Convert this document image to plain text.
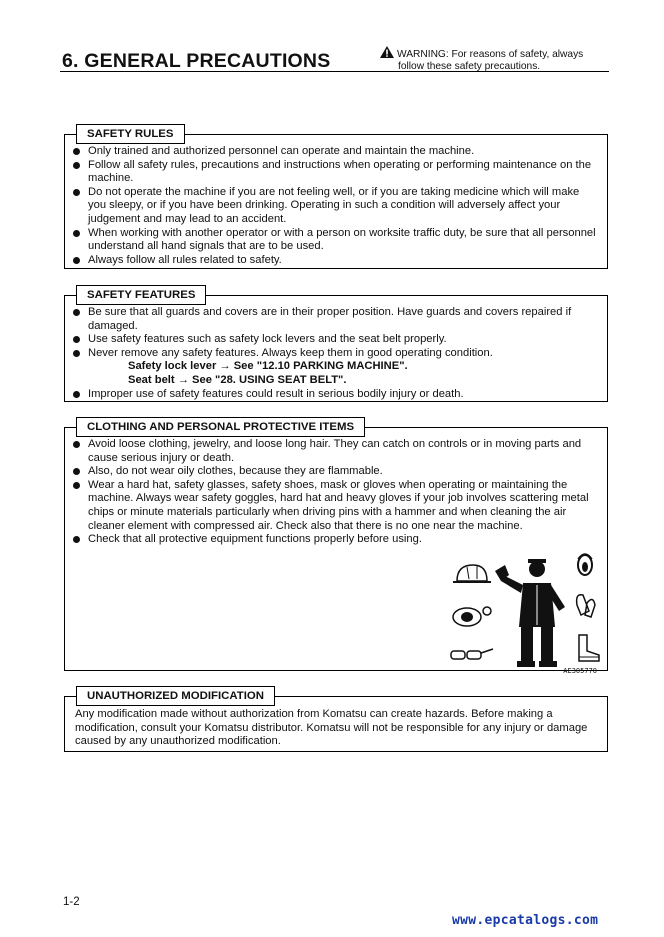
6. GENERAL PRECAUTIONS	WARNING: For reasons of safety, always
follow these safety precautions.
SAFETY RULES
Only trained and authorized personnel can operate and maintain the machine.
Follow all safety rules, precautions and instructions when operating or performing maintenance on the machine.
Do not operate the machine if you are not feeling well, or if you are taking medicine which will make you sleepy, or if you have been drinking. Operating in such a condition will adversely affect your judgement and may lead to an accident.
When working with another operator or with a person on worksite traffic duty, be sure that all personnel understand all hand signals that are to be used.
Always follow all rules related to safety.
SAFETY FEATURES
Be sure that all guards and covers are in their proper position. Have guards and covers repaired if damaged.
Use safety features such as safety lock levers and the seat belt properly.
Never remove any safety features. Always keep them in good operating condition.
Safety lock lever → See "12.10 PARKING MACHINE".
Seat belt → See "28. USING SEAT BELT".
Improper use of safety features could result in serious bodily injury or death.
CLOTHING AND PERSONAL PROTECTIVE ITEMS
Avoid loose clothing, jewelry, and loose long hair. They can catch on controls or in moving parts and cause serious injury or death.
Also, do not wear oily clothes, because they are flammable.
Wear a hard hat, safety glasses, safety shoes, mask or gloves when operating or maintaining the machine. Always wear safety goggles, hard hat and heavy gloves if your job involves scattering metal chips or minute materials particularly when driving pins with a hammer and when cleaning the air cleaner element with compressed air. Check also that there is no one near the machine.
Check that all protective equipment functions properly before using.
AE305770
UNAUTHORIZED MODIFICATION
Any modification made without authorization from Komatsu can create hazards. Before making a modification, consult your Komatsu distributor. Komatsu will not be responsible for any injury or damage caused by any unauthorized modification.
1-2
www.epcatalogs.com
